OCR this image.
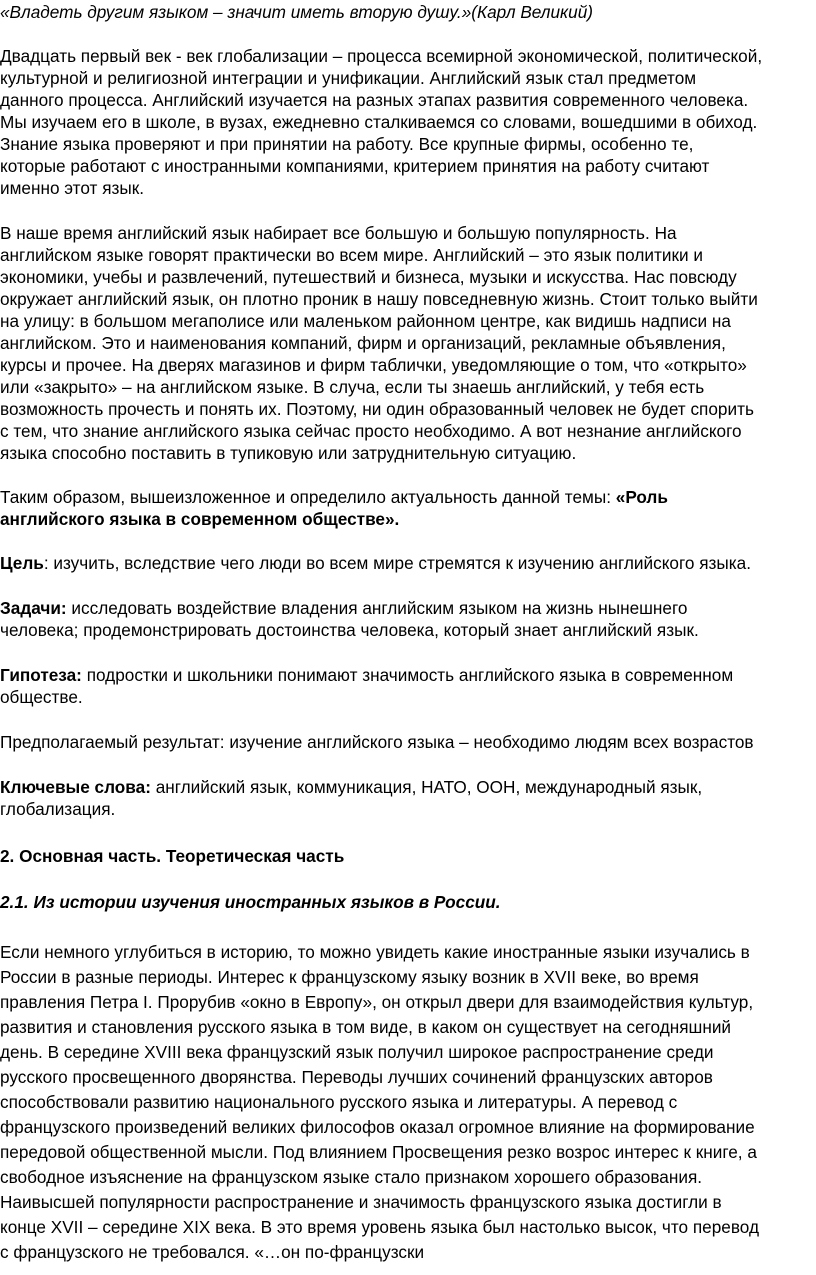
«Владеть другим языком – значит иметь вторую душу.»(Карл Великий)
Двадцать первый век - век глобализации – процесса всемирной экономической, политической,
культурной и религиозной интеграции и унификации. Английский язык стал предметом
данного процесса. Английский изучается на разных этапах развития современного человека.
Мы изучаем его в школе, в вузах, ежедневно сталкиваемся со словами, вошедшими в обиход.
Знание языка проверяют и при принятии на работу. Все крупные фирмы, особенно те,
которые работают с иностранными компаниями, критерием принятия на работу считают
именно этот язык.
В наше время английский язык набирает все большую и большую популярность. На
английском языке говорят практически во всем мире. Английский – это язык политики и
экономики, учебы и развлечений, путешествий и бизнеса, музыки и искусства. Нас повсюду
окружает английский язык, он плотно проник в нашу повседневную жизнь. Стоит только выйти
на улицу: в большом мегаполисе или маленьком районном центре, как видишь надписи на
английском. Это и наименования компаний, фирм и организаций, рекламные объявления,
курсы и прочее. На дверях магазинов и фирм таблички, уведомляющие о том, что «открыто»
или «закрыто» – на английском языке. В случа, если ты знаешь английский, у тебя есть
возможность прочесть и понять их. Поэтому, ни один образованный человек не будет спорить
с тем, что знание английского языка сейчас просто необходимо. А вот незнание английского
языка способно поставить в тупиковую или затруднительную ситуацию.
Таким образом, вышеизложенное и определило актуальность данной темы: «Роль
английского языка в современном обществе».
Цель: изучить, вследствие чего люди во всем мире стремятся к изучению английского языка.
Задачи: исследовать воздействие владения английским языком на жизнь нынешнего
человека; продемонстрировать достоинства человека, который знает английский язык.
Гипотеза: подростки и школьники понимают значимость английского языка в современном
обществе.
Предполагаемый результат: изучение английского языка – необходимо людям всех возрастов
Ключевые слова: английский язык, коммуникация, НАТО, ООН, международный язык,
глобализация.
2. Основная часть. Теоретическая часть
2.1. Из истории изучения иностранных языков в России.
Если немного углубиться в историю, то можно увидеть какие иностранные языки изучались в
России в разные периоды. Интерес к французскому языку возник в XVII веке, во время
правления Петра I. Прорубив «окно в Европу», он открыл двери для взаимодействия культур,
развития и становления русского языка в том виде, в каком он существует на сегодняшний
день. В середине XVIII века французский язык получил широкое распространение среди
русского просвещенного дворянства. Переводы лучших сочинений французских авторов
способствовали развитию национального русского языка и литературы. А перевод с
французского произведений великих философов оказал огромное влияние на формирование
передовой общественной мысли. Под влиянием Просвещения резко возрос интерес к книге, а
свободное изъяснение на французском языке стало признаком хорошего образования.
Наивысшей популярности распространение и значимость французского языка достигли в
конце XVII – середине XIX века. В это время уровень языка был настолько высок, что перевод
с французского не требовался. «…он по-французски
